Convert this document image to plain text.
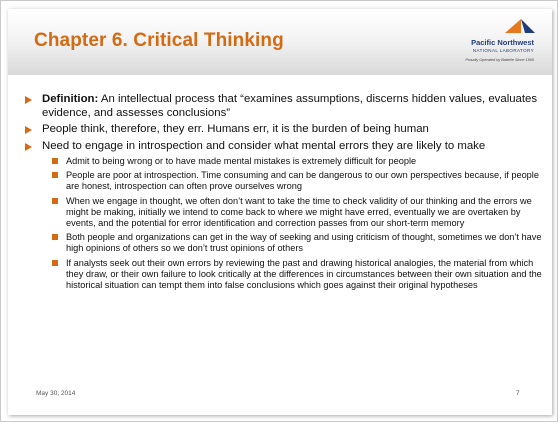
Chapter 6. Critical Thinking	Pacific Northwest
NATIONAL LABORATORY
Proudly Operated by Battelle Since 1965
Definition: An intellectual process that “examines assumptions, discerns hidden values, evaluates evidence, and assesses conclusions”
People think, therefore, they err. Humans err, it is the burden of being human
Need to engage in introspection and consider what mental errors they are likely to make
Admit to being wrong or to have made mental mistakes is extremely difficult for people
People are poor at introspection. Time consuming and can be dangerous to our own perspectives because, if people are honest, introspection can often prove ourselves wrong
When we engage in thought, we often don’t want to take the time to check validity of our thinking and the errors we might be making, initially we intend to come back to where we might have erred, eventually we are overtaken by events, and the potential for error identification and correction passes from our short-term memory
Both people and organizations can get in the way of seeking and using criticism of thought, sometimes we don’t have high opinions of others so we don’t trust opinions of others
If analysts seek out their own errors by reviewing the past and drawing historical analogies, the material from which they draw, or their own failure to look critically at the differences in circumstances between their own situation and the historical situation can tempt them into false conclusions which goes against their original hypotheses
May 30, 2014	7
